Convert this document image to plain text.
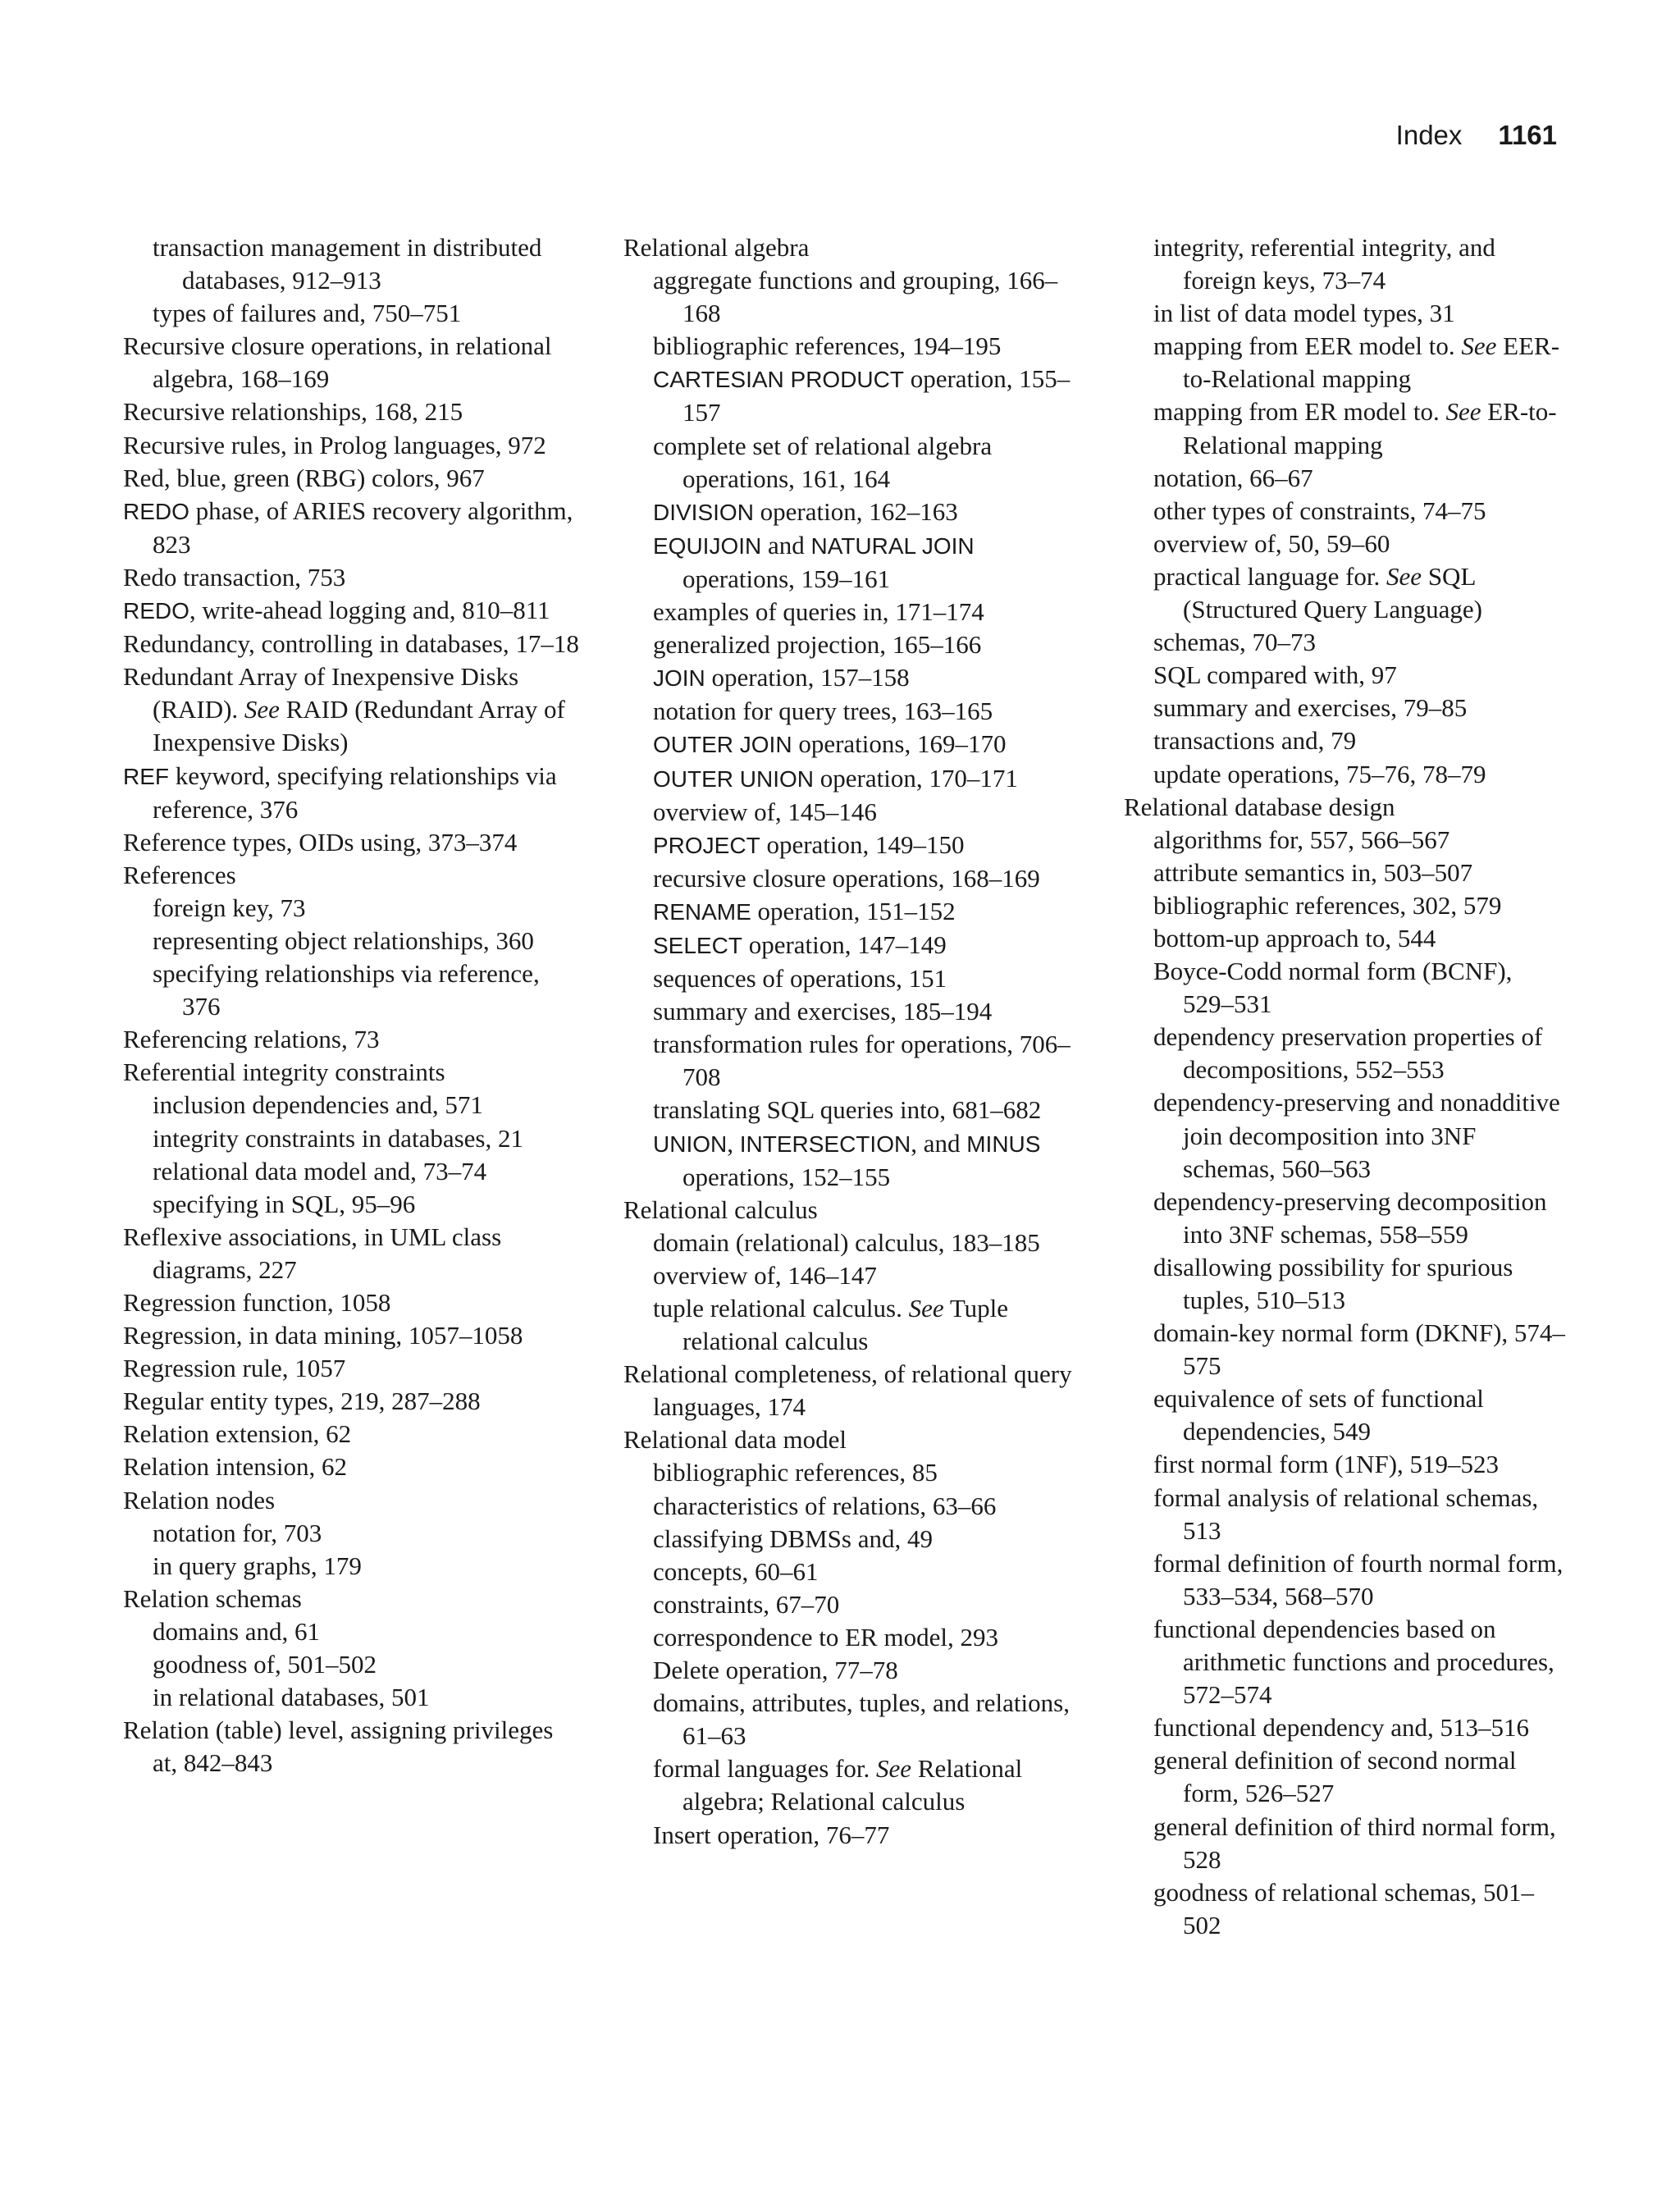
Index 1161
transaction management in distributed databases, 912–913
types of failures and, 750–751
Recursive closure operations, in relational algebra, 168–169
Recursive relationships, 168, 215
Recursive rules, in Prolog languages, 972
Red, blue, green (RBG) colors, 967
REDO phase, of ARIES recovery algorithm, 823
Redo transaction, 753
REDO, write-ahead logging and, 810–811
Redundancy, controlling in databases, 17–18
Redundant Array of Inexpensive Disks (RAID). See RAID (Redundant Array of Inexpensive Disks)
REF keyword, specifying relationships via reference, 376
Reference types, OIDs using, 373–374
References
foreign key, 73
representing object relationships, 360
specifying relationships via reference, 376
Referencing relations, 73
Referential integrity constraints
inclusion dependencies and, 571
integrity constraints in databases, 21
relational data model and, 73–74
specifying in SQL, 95–96
Reflexive associations, in UML class diagrams, 227
Regression function, 1058
Regression, in data mining, 1057–1058
Regression rule, 1057
Regular entity types, 219, 287–288
Relation extension, 62
Relation intension, 62
Relation nodes
notation for, 703
in query graphs, 179
Relation schemas
domains and, 61
goodness of, 501–502
in relational databases, 501
Relation (table) level, assigning privileges at, 842–843
Relational algebra
aggregate functions and grouping, 166–168
bibliographic references, 194–195
CARTESIAN PRODUCT operation, 155–157
complete set of relational algebra operations, 161, 164
DIVISION operation, 162–163
EQUIJOIN and NATURAL JOIN operations, 159–161
examples of queries in, 171–174
generalized projection, 165–166
JOIN operation, 157–158
notation for query trees, 163–165
OUTER JOIN operations, 169–170
OUTER UNION operation, 170–171
overview of, 145–146
PROJECT operation, 149–150
recursive closure operations, 168–169
RENAME operation, 151–152
SELECT operation, 147–149
sequences of operations, 151
summary and exercises, 185–194
transformation rules for operations, 706–708
translating SQL queries into, 681–682
UNION, INTERSECTION, and MINUS operations, 152–155
Relational calculus
domain (relational) calculus, 183–185
overview of, 146–147
tuple relational calculus. See Tuple relational calculus
Relational completeness, of relational query languages, 174
Relational data model
bibliographic references, 85
characteristics of relations, 63–66
classifying DBMSs and, 49
concepts, 60–61
constraints, 67–70
correspondence to ER model, 293
Delete operation, 77–78
domains, attributes, tuples, and relations, 61–63
formal languages for. See Relational algebra; Relational calculus
Insert operation, 76–77
integrity, referential integrity, and foreign keys, 73–74
in list of data model types, 31
mapping from EER model to. See EER-to-Relational mapping
mapping from ER model to. See ER-to-Relational mapping
notation, 66–67
other types of constraints, 74–75
overview of, 50, 59–60
practical language for. See SQL (Structured Query Language)
schemas, 70–73
SQL compared with, 97
summary and exercises, 79–85
transactions and, 79
update operations, 75–76, 78–79
Relational database design
algorithms for, 557, 566–567
attribute semantics in, 503–507
bibliographic references, 302, 579
bottom-up approach to, 544
Boyce-Codd normal form (BCNF), 529–531
dependency preservation properties of decompositions, 552–553
dependency-preserving and nonadditive join decomposition into 3NF schemas, 560–563
dependency-preserving decomposition into 3NF schemas, 558–559
disallowing possibility for spurious tuples, 510–513
domain-key normal form (DKNF), 574–575
equivalence of sets of functional dependencies, 549
first normal form (1NF), 519–523
formal analysis of relational schemas, 513
formal definition of fourth normal form, 533–534, 568–570
functional dependencies based on arithmetic functions and procedures, 572–574
functional dependency and, 513–516
general definition of second normal form, 526–527
general definition of third normal form, 528
goodness of relational schemas, 501–502
